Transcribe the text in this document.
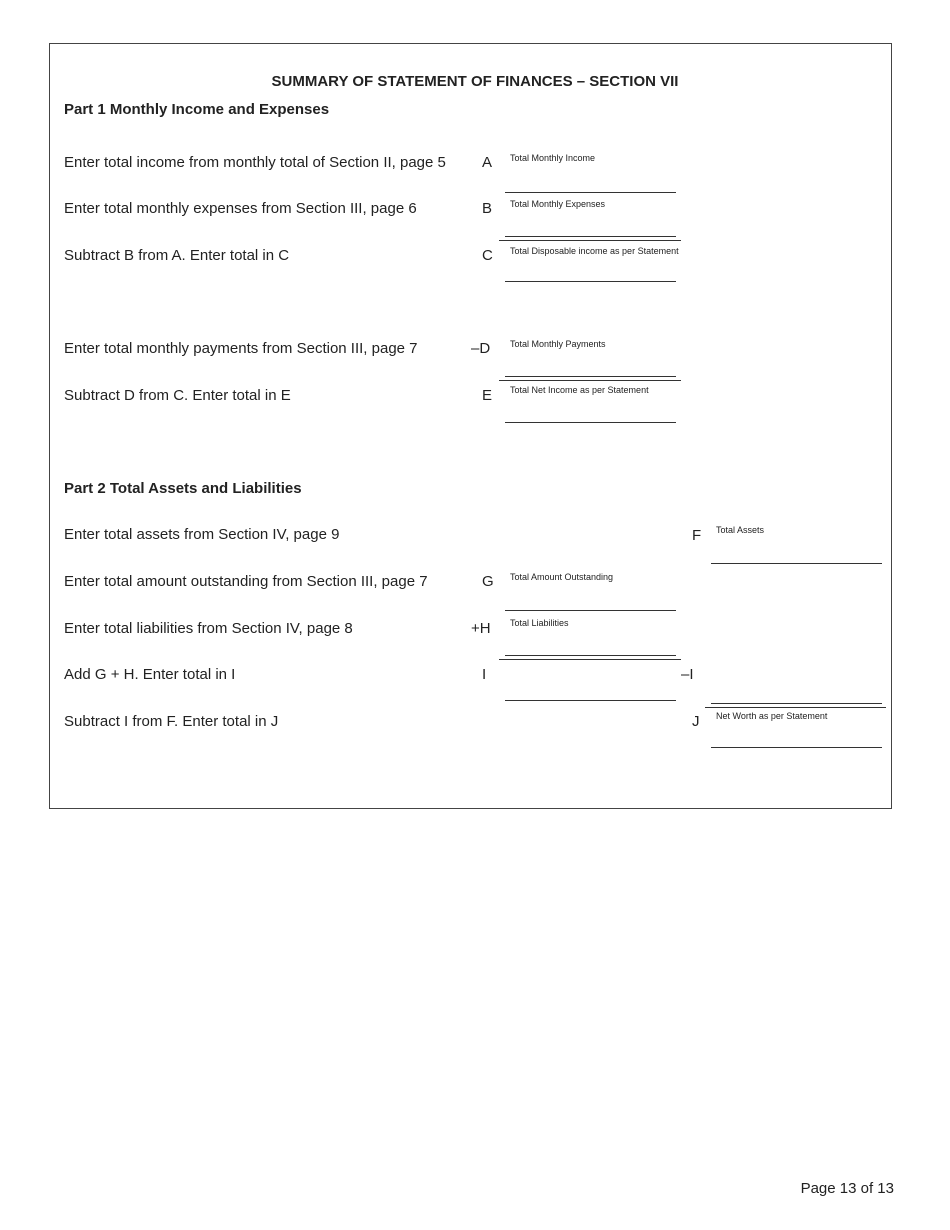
SUMMARY OF STATEMENT OF FINANCES – SECTION VII
Part 1 Monthly Income and Expenses
Enter total income from monthly total of Section II, page 5 A Total Monthly Income
Enter total monthly expenses from Section III, page 6	B Total Monthly Expenses
Subtract B from A. Enter total in C	C Total Disposable income as per Statement
Enter total monthly payments from Section III, page 7	–D Total Monthly Payments
Subtract D from C. Enter total in E	E Total Net Income as per Statement
Part 2 Total Assets and Liabilities
Enter total assets from Section IV, page 9	F Total Assets
Enter total amount outstanding from Section III, page 7	G Total Amount Outstanding
Enter total liabilities from Section IV, page 8	+H Total Liabilities
Add G + H. Enter total in I	I	–I
Subtract I from F. Enter total in J	J Net Worth as per Statement
Page 13 of 13
